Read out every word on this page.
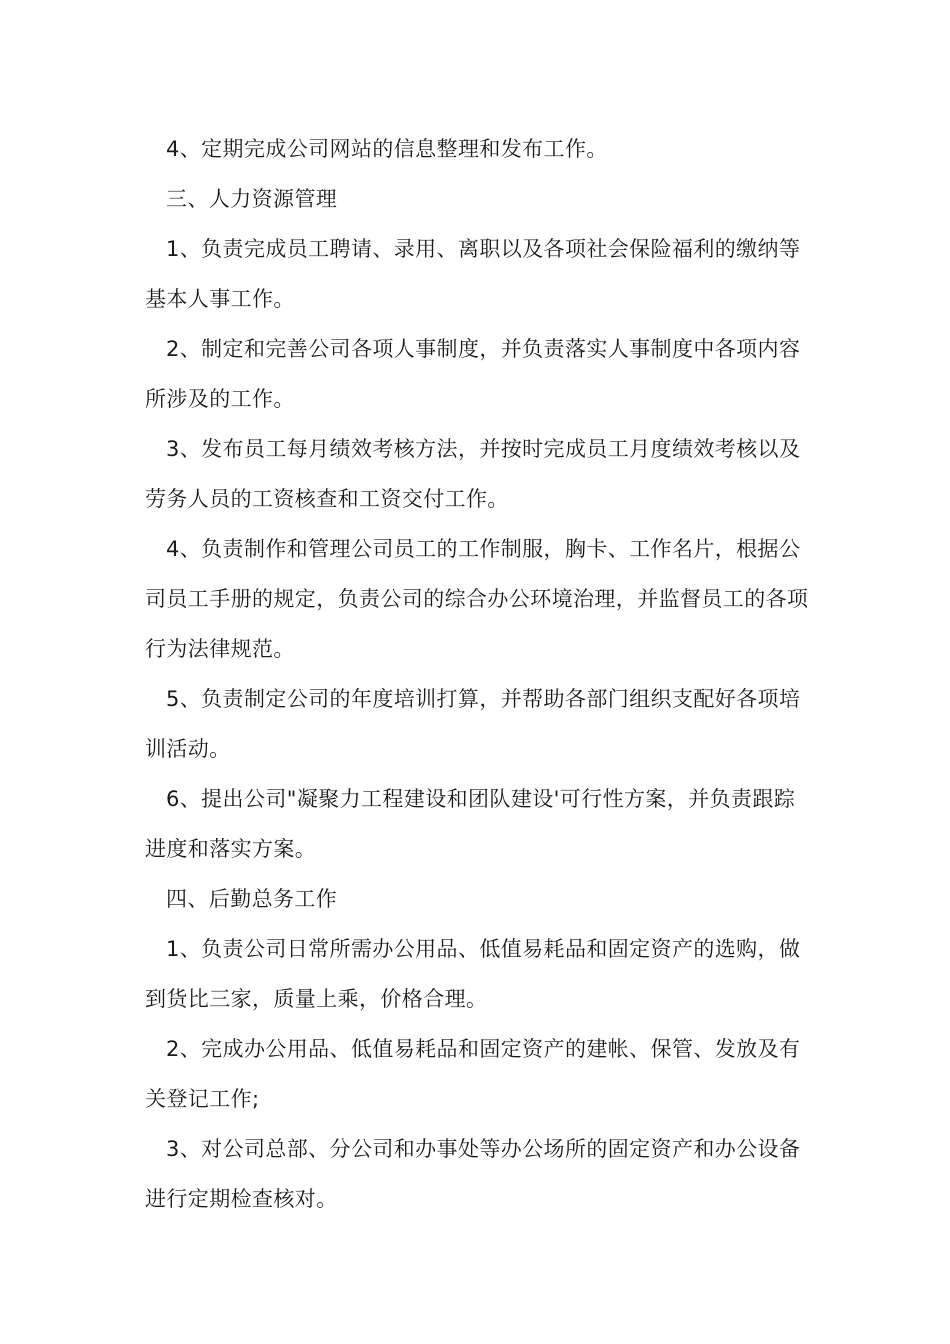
4、定期完成公司网站的信息整理和发布工作。

三、人力资源管理

1、负责完成员工聘请、录用、离职以及各项社会保险福利的缴纳等基本人事工作。

2、制定和完善公司各项人事制度，并负责落实人事制度中各项内容所涉及的工作。

3、发布员工每月绩效考核方法，并按时完成员工月度绩效考核以及劳务人员的工资核查和工资交付工作。

4、负责制作和管理公司员工的工作制服，胸卡、工作名片，根据公司员工手册的规定，负责公司的综合办公环境治理，并监督员工的各项行为法律规范。

5、负责制定公司的年度培训打算，并帮助各部门组织支配好各项培训活动。

6、提出公司"凝聚力工程建设和团队建设'可行性方案，并负责跟踪进度和落实方案。

四、后勤总务工作

1、负责公司日常所需办公用品、低值易耗品和固定资产的选购，做到货比三家，质量上乘，价格合理。

2、完成办公用品、低值易耗品和固定资产的建帐、保管、发放及有关登记工作;

3、对公司总部、分公司和办事处等办公场所的固定资产和办公设备进行定期检查核对。
